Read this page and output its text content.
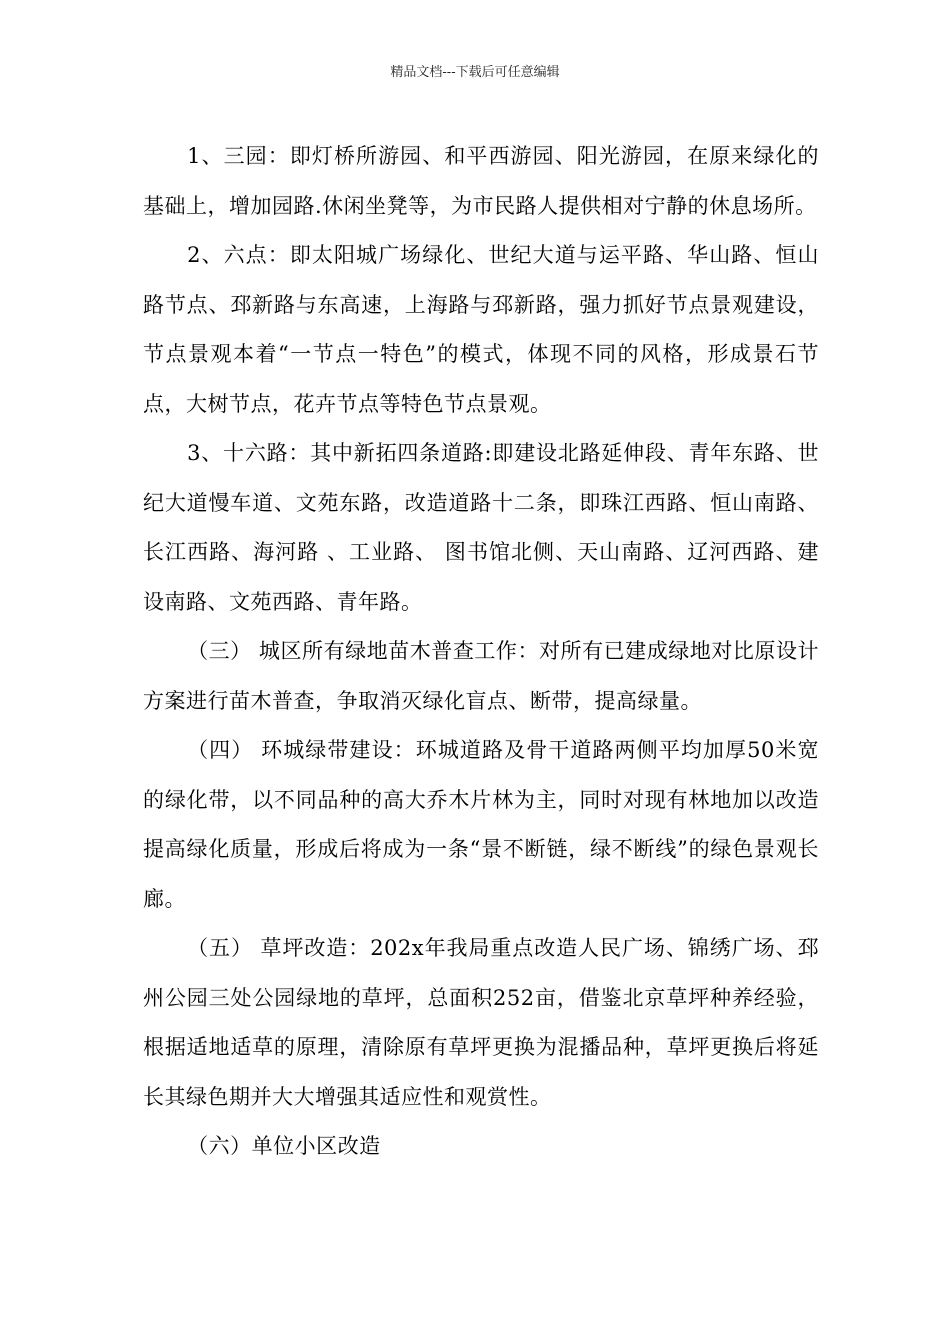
精品文档---下载后可任意编辑

1、三园：即灯桥所游园、和平西游园、阳光游园，在原来绿化的基础上，增加园路.休闲坐凳等，为市民路人提供相对宁静的休息场所。

2、六点：即太阳城广场绿化、世纪大道与运平路、华山路、恒山路节点、邳新路与东高速，上海路与邳新路，强力抓好节点景观建设，节点景观本着“一节点一特色”的模式，体现不同的风格，形成景石节点，大树节点，花卉节点等特色节点景观。

3、十六路：其中新拓四条道路:即建设北路延伸段、青年东路、世纪大道慢车道、文苑东路，改造道路十二条，即珠江西路、恒山南路、长江西路、海河路 、工业路、 图书馆北侧、天山南路、辽河西路、建设南路、文苑西路、青年路。

（三） 城区所有绿地苗木普查工作：对所有已建成绿地对比原设计方案进行苗木普查，争取消灭绿化盲点、断带，提高绿量。

（四） 环城绿带建设：环城道路及骨干道路两侧平均加厚50米宽的绿化带，以不同品种的高大乔木片林为主，同时对现有林地加以改造提高绿化质量，形成后将成为一条“景不断链，绿不断线”的绿色景观长廊。

（五） 草坪改造：202x年我局重点改造人民广场、锦绣广场、邳州公园三处公园绿地的草坪，总面积252亩，借鉴北京草坪种养经验，根据适地适草的原理，清除原有草坪更换为混播品种，草坪更换后将延长其绿色期并大大增强其适应性和观赏性。

（六）单位小区改造
